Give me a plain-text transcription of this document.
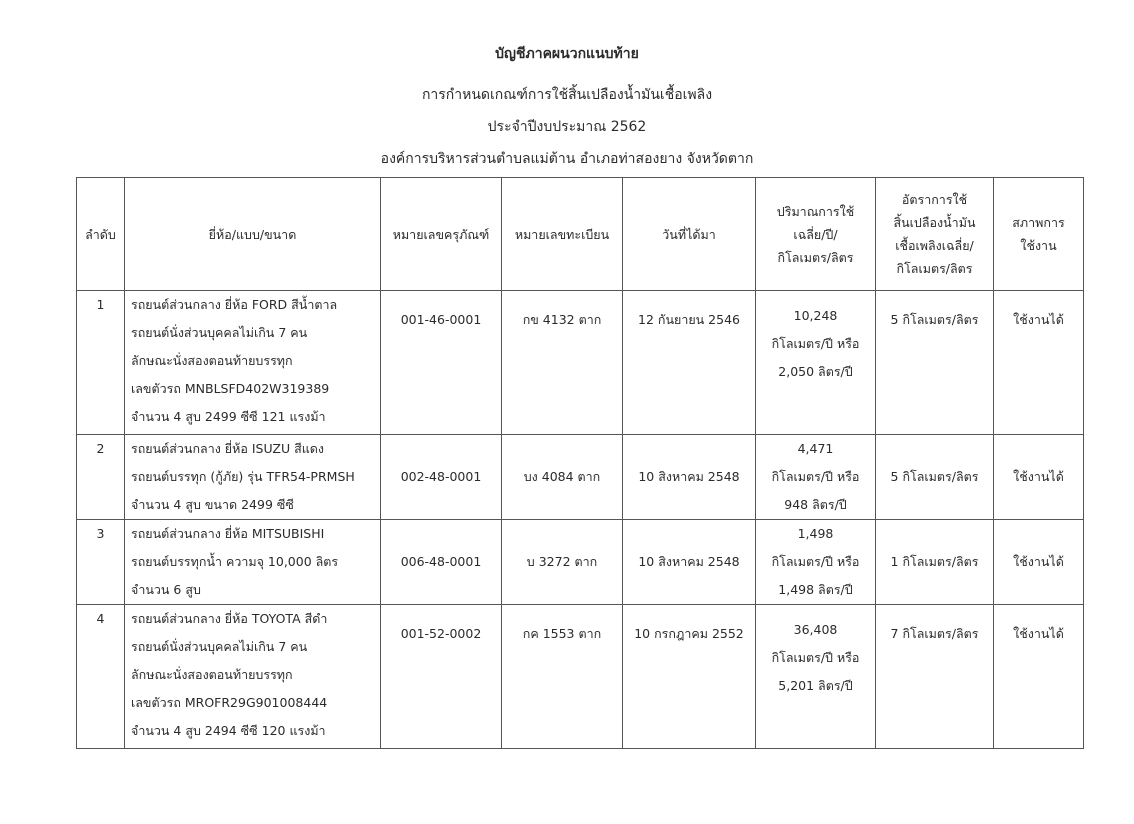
บัญชีภาคผนวกแนบท้าย
การกำหนดเกณฑ์การใช้สิ้นเปลืองน้ำมันเชื้อเพลิง
ประจำปีงบประมาณ 2562
องค์การบริหารส่วนตำบลแม่ต้าน อำเภอท่าสองยาง จังหวัดตาก
ลำดับ	ยี่ห้อ/แบบ/ขนาด	หมายเลขครุภัณฑ์	หมายเลขทะเบียน	วันที่ได้มา	ปริมาณการใช้
เฉลี่ย/ปี/
กิโลเมตร/ลิตร	อัตราการใช้
สิ้นเปลืองน้ำมัน
เชื้อเพลิงเฉลี่ย/
กิโลเมตร/ลิตร	สภาพการ
ใช้งาน

1	รถยนต์ส่วนกลาง ยี่ห้อ FORD สีน้ำตาล
รถยนต์นั่งส่วนบุคคลไม่เกิน 7 คน
ลักษณะนั่งสองตอนท้ายบรรทุก
เลขตัวรถ MNBLSFD402W319389
จำนวน 4 สูบ 2499 ซีซี 121 แรงม้า	001-46-0001	กข 4132 ตาก	12 กันยายน 2546	10,248
กิโลเมตร/ปี หรือ
2,050 ลิตร/ปี	5 กิโลเมตร/ลิตร	ใช้งานได้
2	รถยนต์ส่วนกลาง ยี่ห้อ ISUZU สีแดง
รถยนต์บรรทุก (กู้ภัย) รุ่น TFR54-PRMSH
จำนวน 4 สูบ ขนาด 2499 ซีซี	002-48-0001	บง 4084 ตาก	10 สิงหาคม 2548	4,471
กิโลเมตร/ปี หรือ
948 ลิตร/ปี	5 กิโลเมตร/ลิตร	ใช้งานได้
3	รถยนต์ส่วนกลาง ยี่ห้อ MITSUBISHI
รถยนต์บรรทุกน้ำ ความจุ 10,000 ลิตร
จำนวน 6 สูบ	006-48-0001	บ 3272 ตาก	10 สิงหาคม 2548	1,498
กิโลเมตร/ปี หรือ
1,498 ลิตร/ปี	1 กิโลเมตร/ลิตร	ใช้งานได้
4	รถยนต์ส่วนกลาง ยี่ห้อ TOYOTA สีดำ
รถยนต์นั่งส่วนบุคคลไม่เกิน 7 คน
ลักษณะนั่งสองตอนท้ายบรรทุก
เลขตัวรถ MROFR29G901008444
จำนวน 4 สูบ 2494 ซีซี 120 แรงม้า	001-52-0002	กค 1553 ตาก	10 กรกฎาคม 2552	36,408
กิโลเมตร/ปี หรือ
5,201 ลิตร/ปี	7 กิโลเมตร/ลิตร	ใช้งานได้
